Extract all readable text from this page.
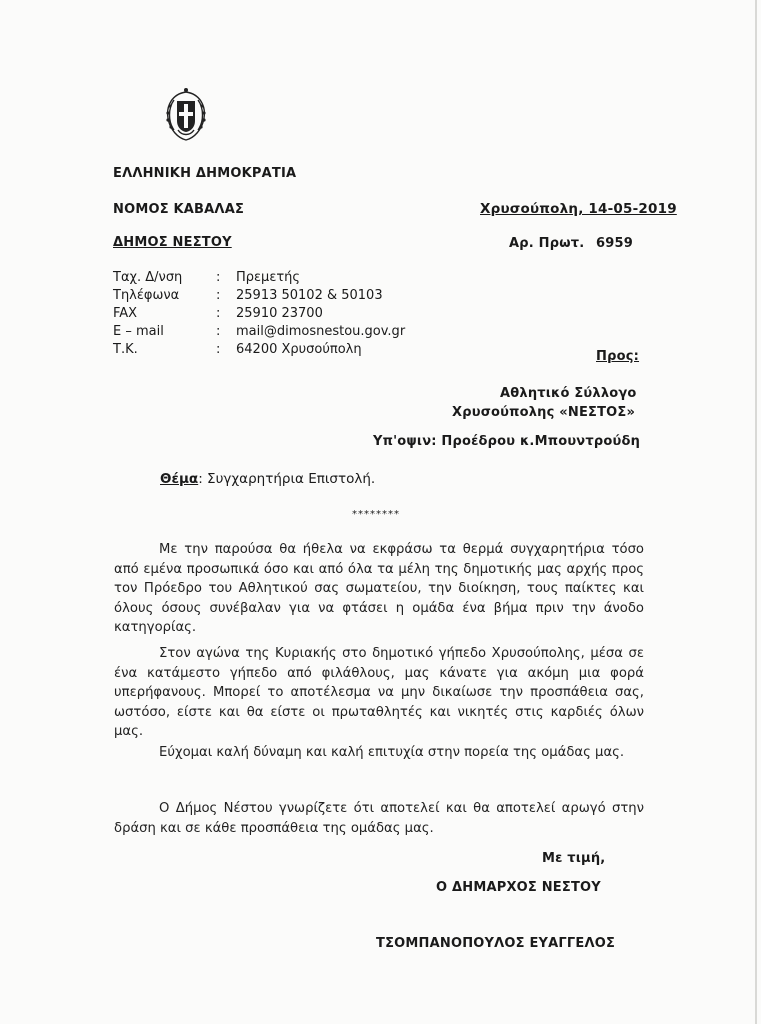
ΕΛΛΗΝΙΚΗ ΔΗΜΟΚΡΑΤΙΑ
ΝΟΜΟΣ ΚΑΒΑΛΑΣ
ΔΗΜΟΣ ΝΕΣΤΟΥ
Χρυσούπολη, 14-05-2019
Αρ. Πρωτ. 6959
Ταχ. Δ/νση	: Πρεμετής
Τηλέφωνα	: 25913 50102 & 50103
FAX	: 25910 23700
E – mail	: mail@dimosnestou.gov.gr
Τ.Κ.	: 64200 Χρυσούπολη	Προς:
Αθλητικό Σύλλογο
Χρυσούπολης «ΝΕΣΤΟΣ»
Υπ'οψιν: Προέδρου κ.Μπουντρούδη
Θέμα: Συγχαρητήρια Επιστολή.
********

Με την παρούσα θα ήθελα να εκφράσω τα θερμά συγχαρητήρια τόσο από εμένα προσωπικά όσο και από όλα τα μέλη της δημοτικής μας αρχής προς τον Πρόεδρο του Αθλητικού σας σωματείου, την διοίκηση, τους παίκτες και όλους όσους συνέβαλαν για να φτάσει η ομάδα ένα βήμα πριν την άνοδο κατηγορίας.

Στον αγώνα της Κυριακής στο δημοτικό γήπεδο Χρυσούπολης, μέσα σε ένα κατάμεστο γήπεδο από φιλάθλους, μας κάνατε για ακόμη μια φορά υπερήφανους. Μπορεί το αποτέλεσμα να μην δικαίωσε την προσπάθεια σας, ωστόσο, είστε και θα είστε οι πρωταθλητές και νικητές στις καρδιές όλων μας.

Εύχομαι καλή δύναμη και καλή επιτυχία στην πορεία της ομάδας μας.

Ο Δήμος Νέστου γνωρίζετε ότι αποτελεί και θα αποτελεί αρωγό στην δράση και σε κάθε προσπάθεια της ομάδας μας.

Με τιμή,
Ο ΔΗΜΑΡΧΟΣ ΝΕΣΤΟΥ
ΤΣΟΜΠΑΝΟΠΟΥΛΟΣ ΕΥΑΓΓΕΛΟΣ
